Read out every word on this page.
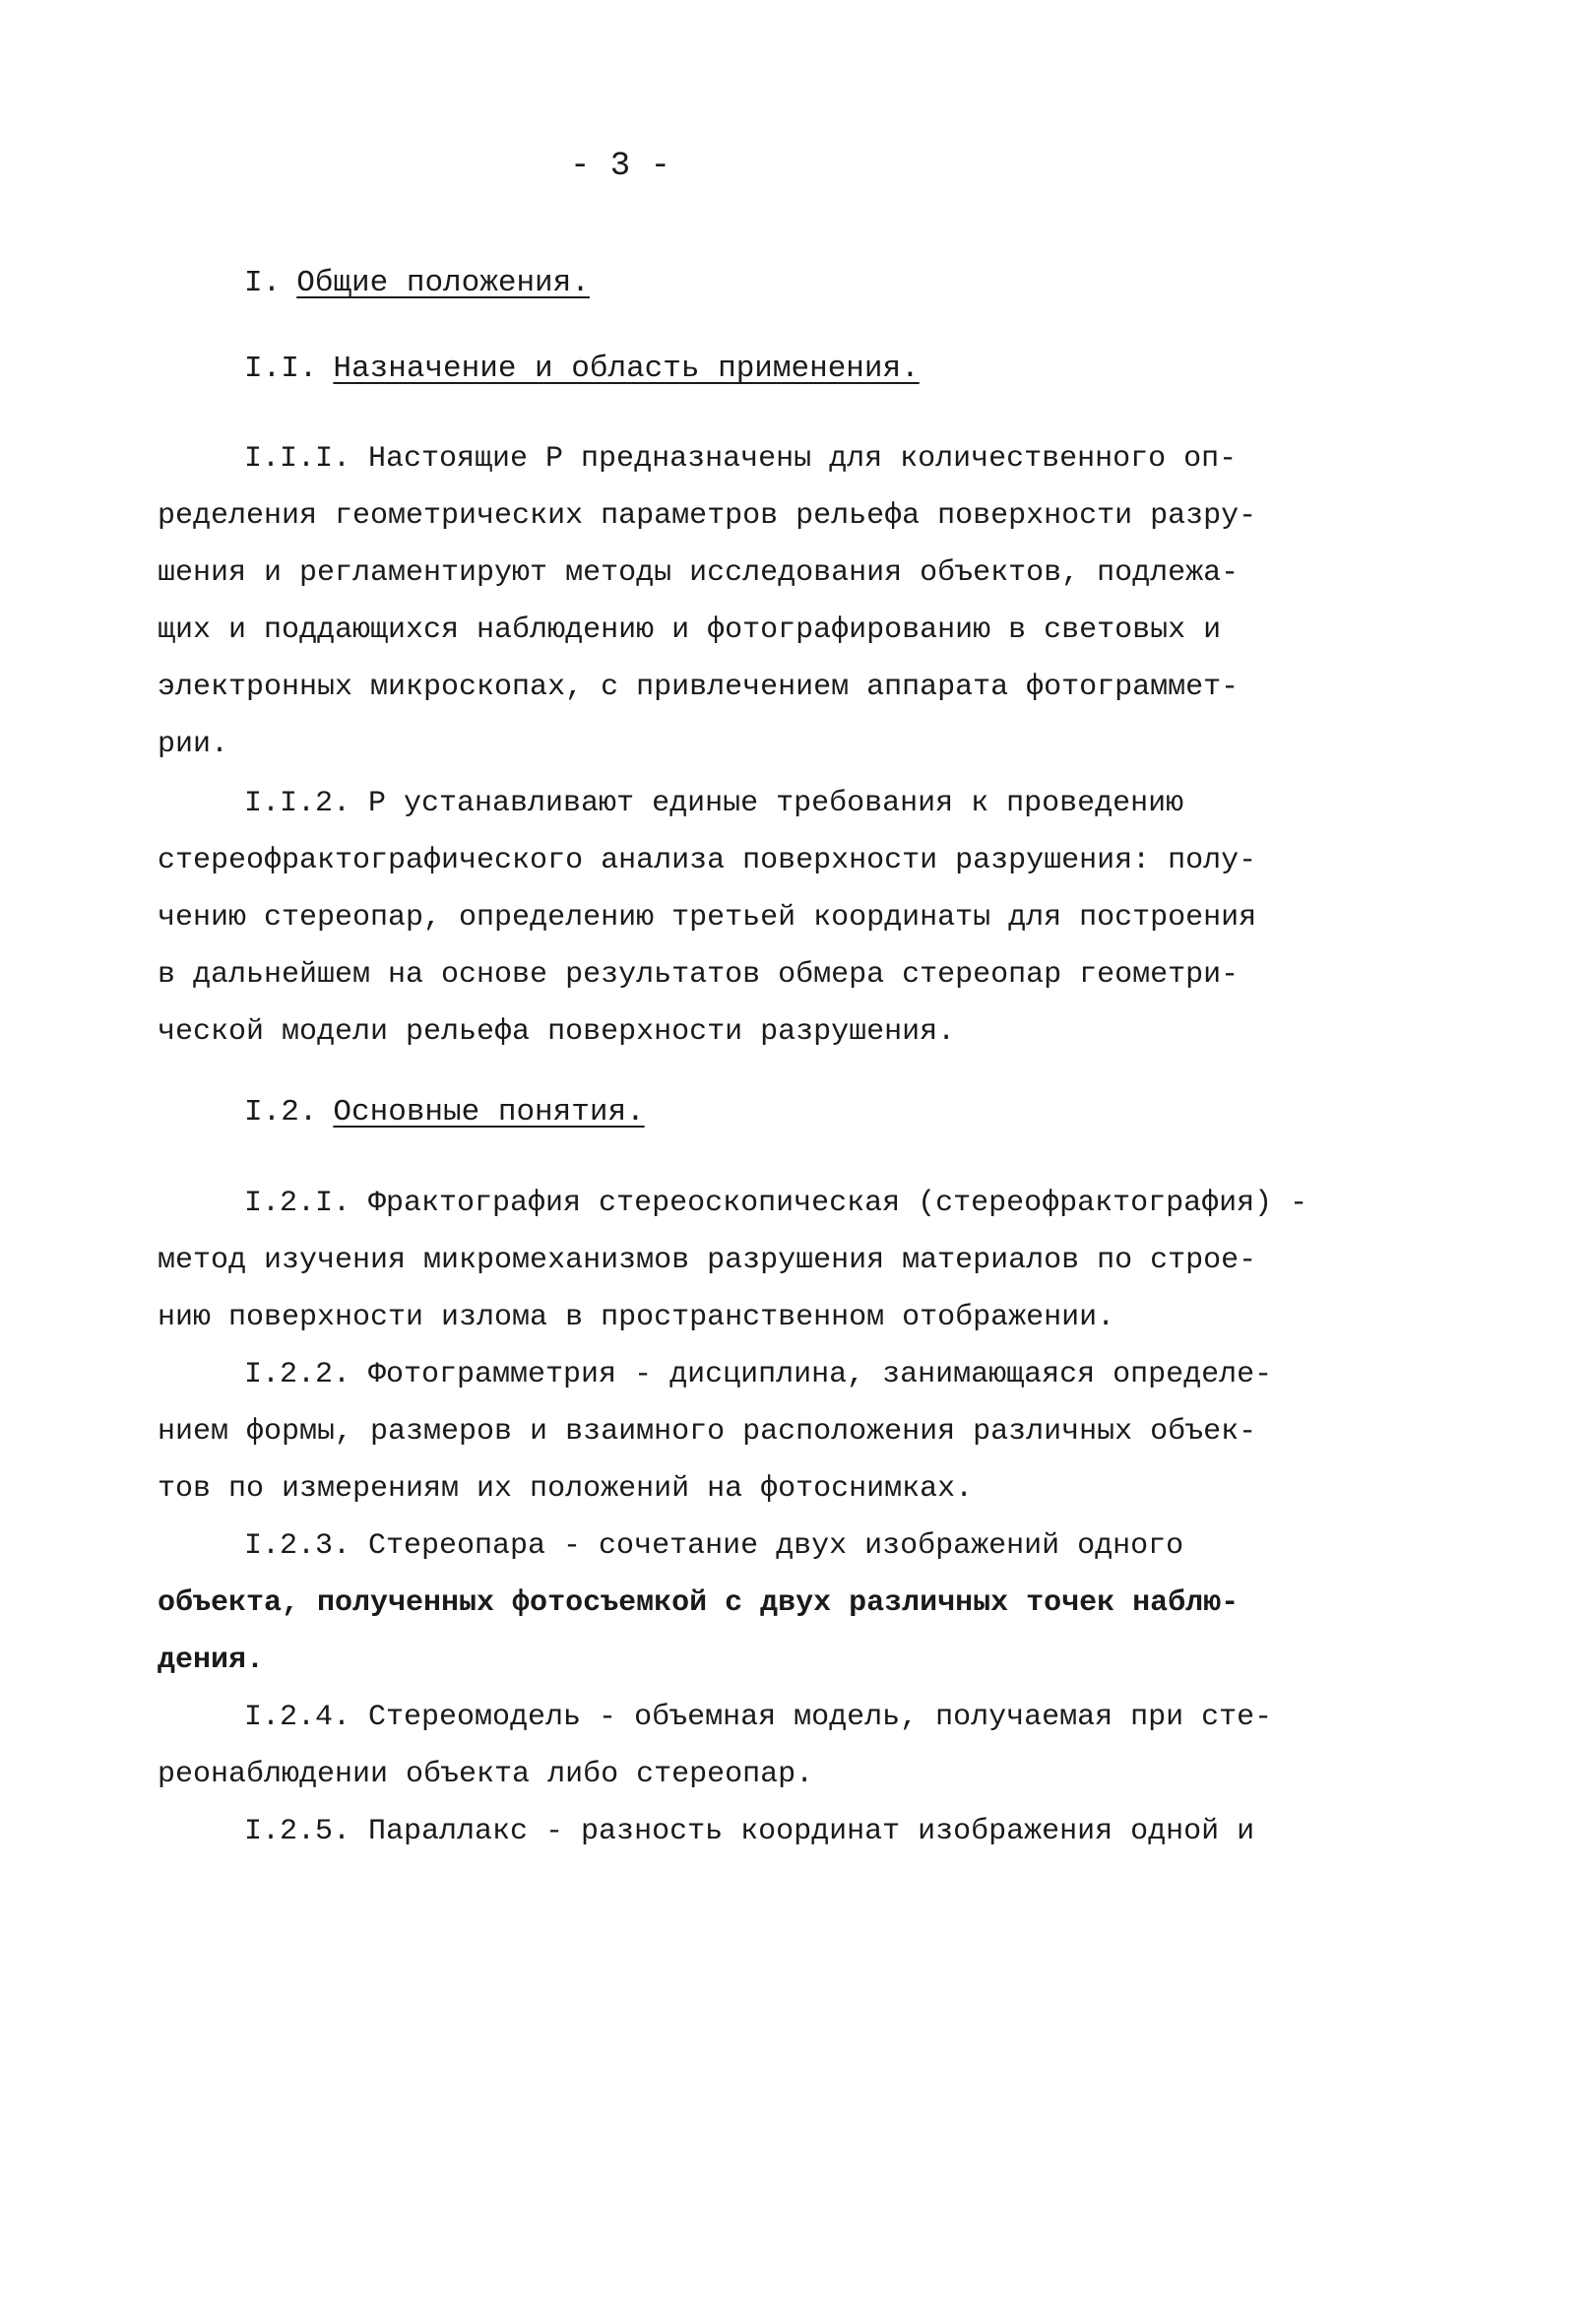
- 3 -
I. Общие положения.
I.I. Назначение и область применения.
I.I.I. Настоящие Р предназначены для количественного оп-
ределения геометрических параметров рельефа поверхности разру-
шения и регламентируют методы исследования объектов, подлежа-
щих и поддающихся наблюдению и фотографированию в световых и
электронных микроскопах, с привлечением аппарата фотограммет-
рии.
I.I.2. Р устанавливают единые требования к проведению
стереофрактографического анализа поверхности разрушения: полу-
чению стереопар, определению третьей координаты для построения
в дальнейшем на основе результатов обмера стереопар геометри-
ческой модели рельефа поверхности разрушения.
I.2. Основные понятия.
I.2.I. Фрактография стереоскопическая (стереофрактография) -
метод изучения микромеханизмов разрушения материалов по строе-
нию поверхности излома в пространственном отображении.
I.2.2. Фотограмметрия - дисциплина, занимающаяся определе-
нием формы, размеров и взаимного расположения различных объек-
тов по измерениям их положений на фотоснимках.
I.2.3. Стереопара - сочетание двух изображений одного
объекта, полученных фотосъемкой с двух различных точек наблю-
дения.
I.2.4. Стереомодель - объемная модель, получаемая при сте-
реонаблюдении объекта либо стереопар.
I.2.5. Параллакс - разность координат изображения одной и
